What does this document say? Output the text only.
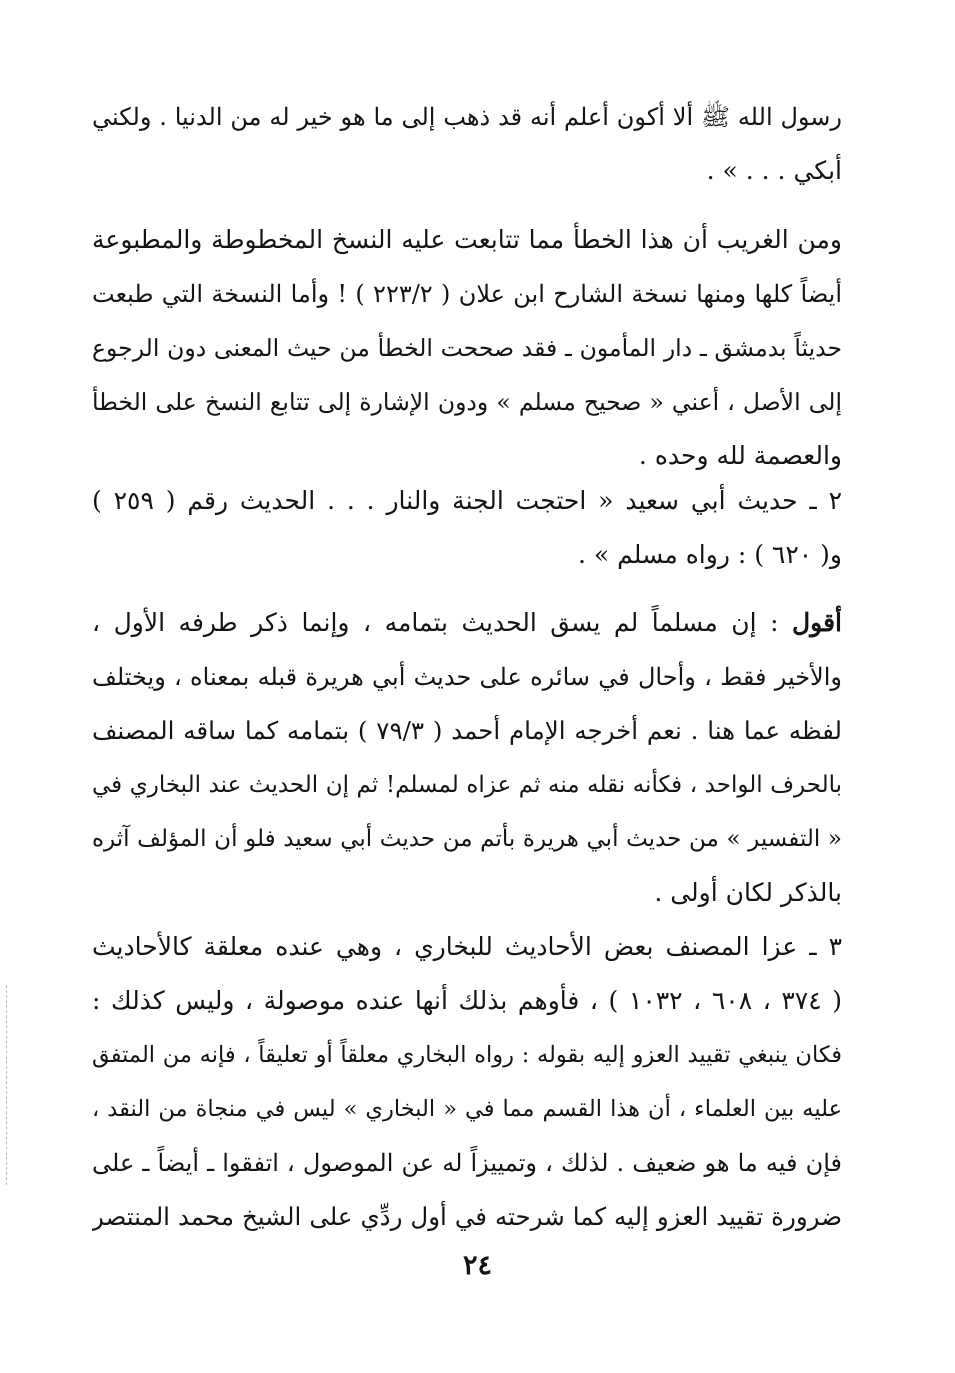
رسول الله ﷺ ألا أكون أعلم أنه قد ذهب إلى ما هو خير له من الدنيا . ولكني
أبكي . . . » .
ومن الغريب أن هذا الخطأ مما تتابعت عليه النسخ المخطوطة والمطبوعة
أيضاً كلها ومنها نسخة الشارح ابن علان ( ٢٢٣/٢ ) ! وأما النسخة التي طبعت
حديثاً بدمشق ـ دار المأمون ـ فقد صححت الخطأ من حيث المعنى دون الرجوع
إلى الأصل ، أعني « صحيح مسلم » ودون الإشارة إلى تتابع النسخ على الخطأ
والعصمة لله وحده .
٢ ـ حديث أبي سعيد « احتجت الجنة والنار . . . الحديث رقم ( ٢٥٩ )
و( ٦٢٠ ) : رواه مسلم » .
أقول : إن مسلماً لم يسق الحديث بتمامه ، وإنما ذكر طرفه الأول ،
والأخير فقط ، وأحال في سائره على حديث أبي هريرة قبله بمعناه ، ويختلف
لفظه عما هنا . نعم أخرجه الإمام أحمد ( ٧٩/٣ ) بتمامه كما ساقه المصنف
بالحرف الواحد ، فكأنه نقله منه ثم عزاه لمسلم! ثم إن الحديث عند البخاري في
« التفسير » من حديث أبي هريرة بأتم من حديث أبي سعيد فلو أن المؤلف آثره
بالذكر لكان أولى .
٣ ـ عزا المصنف بعض الأحاديث للبخاري ، وهي عنده معلقة كالأحاديث
( ٣٧٤ ، ٦٠٨ ، ١٠٣٢ ) ، فأوهم بذلك أنها عنده موصولة ، وليس كذلك :
فكان ينبغي تقييد العزو إليه بقوله : رواه البخاري معلقاً أو تعليقاً ، فإنه من المتفق
عليه بين العلماء ، أن هذا القسم مما في « البخاري » ليس في منجاة من النقد ،
فإن فيه ما هو ضعيف . لذلك ، وتمييزاً له عن الموصول ، اتفقوا ـ أيضاً ـ على
ضرورة تقييد العزو إليه كما شرحته في أول ردِّي على الشيخ محمد المنتصر
٢٤
